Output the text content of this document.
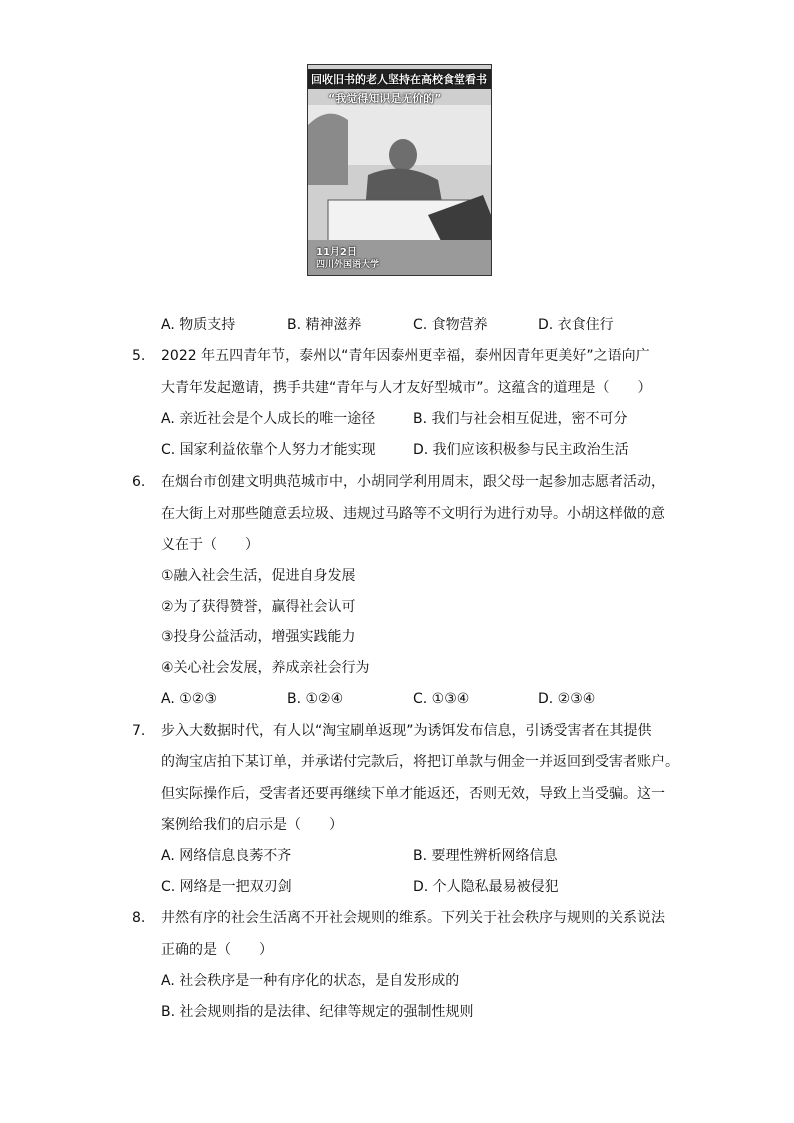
回收旧书的老人坚持在高校食堂看书
“我觉得知识是无价的”
11月2日
四川外国语大学
A. 物质支持	B. 精神滋养	C. 食物营养	D. 衣食住行
5. 2022 年五四青年节，泰州以“青年因泰州更幸福，泰州因青年更美好”之语向广
大青年发起邀请，携手共建“青年与人才友好型城市”。这蕴含的道理是（　　）
A. 亲近社会是个人成长的唯一途径	B. 我们与社会相互促进，密不可分
C. 国家利益依靠个人努力才能实现	D. 我们应该积极参与民主政治生活
6. 在烟台市创建文明典范城市中，小胡同学利用周末，跟父母一起参加志愿者活动，
在大街上对那些随意丢垃圾、违规过马路等不文明行为进行劝导。小胡这样做的意
义在于（　　）
①融入社会生活，促进自身发展
②为了获得赞誉，赢得社会认可
③投身公益活动，增强实践能力
④关心社会发展，养成亲社会行为
A. ①②③	B. ①②④	C. ①③④	D. ②③④
7. 步入大数据时代，有人以“淘宝刷单返现”为诱饵发布信息，引诱受害者在其提供
的淘宝店拍下某订单，并承诺付完款后，将把订单款与佣金一并返回到受害者账户。
但实际操作后，受害者还要再继续下单才能返还，否则无效，导致上当受骗。这一
案例给我们的启示是（　　）
A. 网络信息良莠不齐	B. 要理性辨析网络信息
C. 网络是一把双刃剑	D. 个人隐私最易被侵犯
8. 井然有序的社会生活离不开社会规则的维系。下列关于社会秩序与规则的关系说法
正确的是（　　）
A. 社会秩序是一种有序化的状态，是自发形成的
B. 社会规则指的是法律、纪律等规定的强制性规则
